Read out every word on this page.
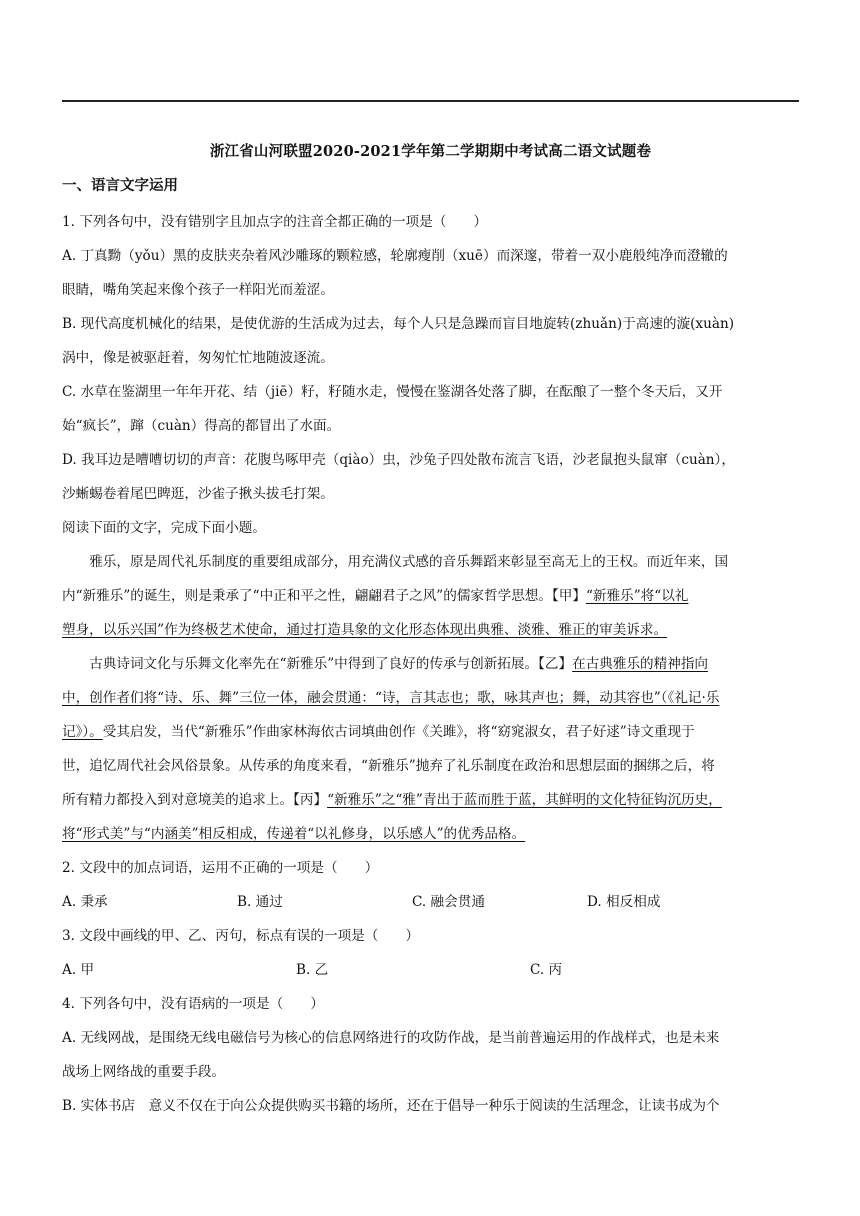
浙江省山河联盟2020-2021学年第二学期期中考试高二语文试题卷
一、语言文字运用

1. 下列各句中，没有错别字且加点字的注音全都正确的一项是（　　）

A. 丁真黝（yǒu）黑的皮肤夹杂着风沙雕琢的颗粒感，轮廓瘦削（xuē）而深邃，带着一双小鹿般纯净而澄辙的

眼睛，嘴角笑起来像个孩子一样阳光而羞涩。

B. 现代高度机械化的结果，是使优游的生活成为过去，每个人只是急躁而盲目地旋转(zhuǎn)于高速的漩(xuàn)

涡中，像是被驱赶着，匆匆忙忙地随波逐流。

C. 水草在鉴湖里一年年开花、结（jiē）籽，籽随水走，慢慢在鉴湖各处落了脚，在酝酿了一整个冬天后，又开

始“疯长”，蹿（cuàn）得高的都冒出了水面。

D. 我耳边是嘈嘈切切的声音：花腹鸟啄甲壳（qiào）虫，沙兔子四处散布流言飞语，沙老鼠抱头鼠窜（cuàn），

沙蜥蜴卷着尾巴睥逛，沙雀子揪头拔毛打架。

阅读下面的文字，完成下面小题。

雅乐，原是周代礼乐制度的重要组成部分，用充满仪式感的音乐舞蹈来彰显至高无上的王权。而近年来，国

内“新雅乐”的诞生，则是秉承了“中正和平之性，翩翩君子之风”的儒家哲学思想。【甲】“新雅乐”将“以礼

塑身，以乐兴国”作为终极艺术使命，通过打造具象的文化形态体现出典雅、淡雅、雅正的审美诉求。

古典诗词文化与乐舞文化率先在“新雅乐”中得到了良好的传承与创新拓展。【乙】在古典雅乐的精神指向

中，创作者们将“诗、乐、舞”三位一体，融会贯通：“诗，言其志也；歌，咏其声也；舞，动其容也”（《礼记·乐

记》）。受其启发，当代“新雅乐”作曲家林海依古词填曲创作《关雎》，将“窈窕淑女，君子好逑”诗文重现于

世，追忆周代社会风俗景象。从传承的角度来看，“新雅乐”抛弃了礼乐制度在政治和思想层面的捆绑之后，将

所有精力都投入到对意境美的追求上。【丙】“新雅乐”之“雅”青出于蓝而胜于蓝，其鲜明的文化特征钩沉历史，

将“形式美”与“内涵美”相反相成，传递着“以礼修身，以乐感人”的优秀品格。

2. 文段中的加点词语，运用不正确的一项是（　　）

A. 秉承	B. 通过	C. 融会贯通	D. 相反相成

3. 文段中画线的甲、乙、丙句，标点有误的一项是（　　）

A. 甲	B. 乙	C. 丙

4. 下列各句中，没有语病的一项是（　　）

A. 无线网战，是围绕无线电磁信号为核心的信息网络进行的攻防作战，是当前普遍运用的作战样式，也是未来

战场上网络战的重要手段。

B. 实体书店　意义不仅在于向公众提供购买书籍的场所，还在于倡导一种乐于阅读的生活理念，让读书成为个
